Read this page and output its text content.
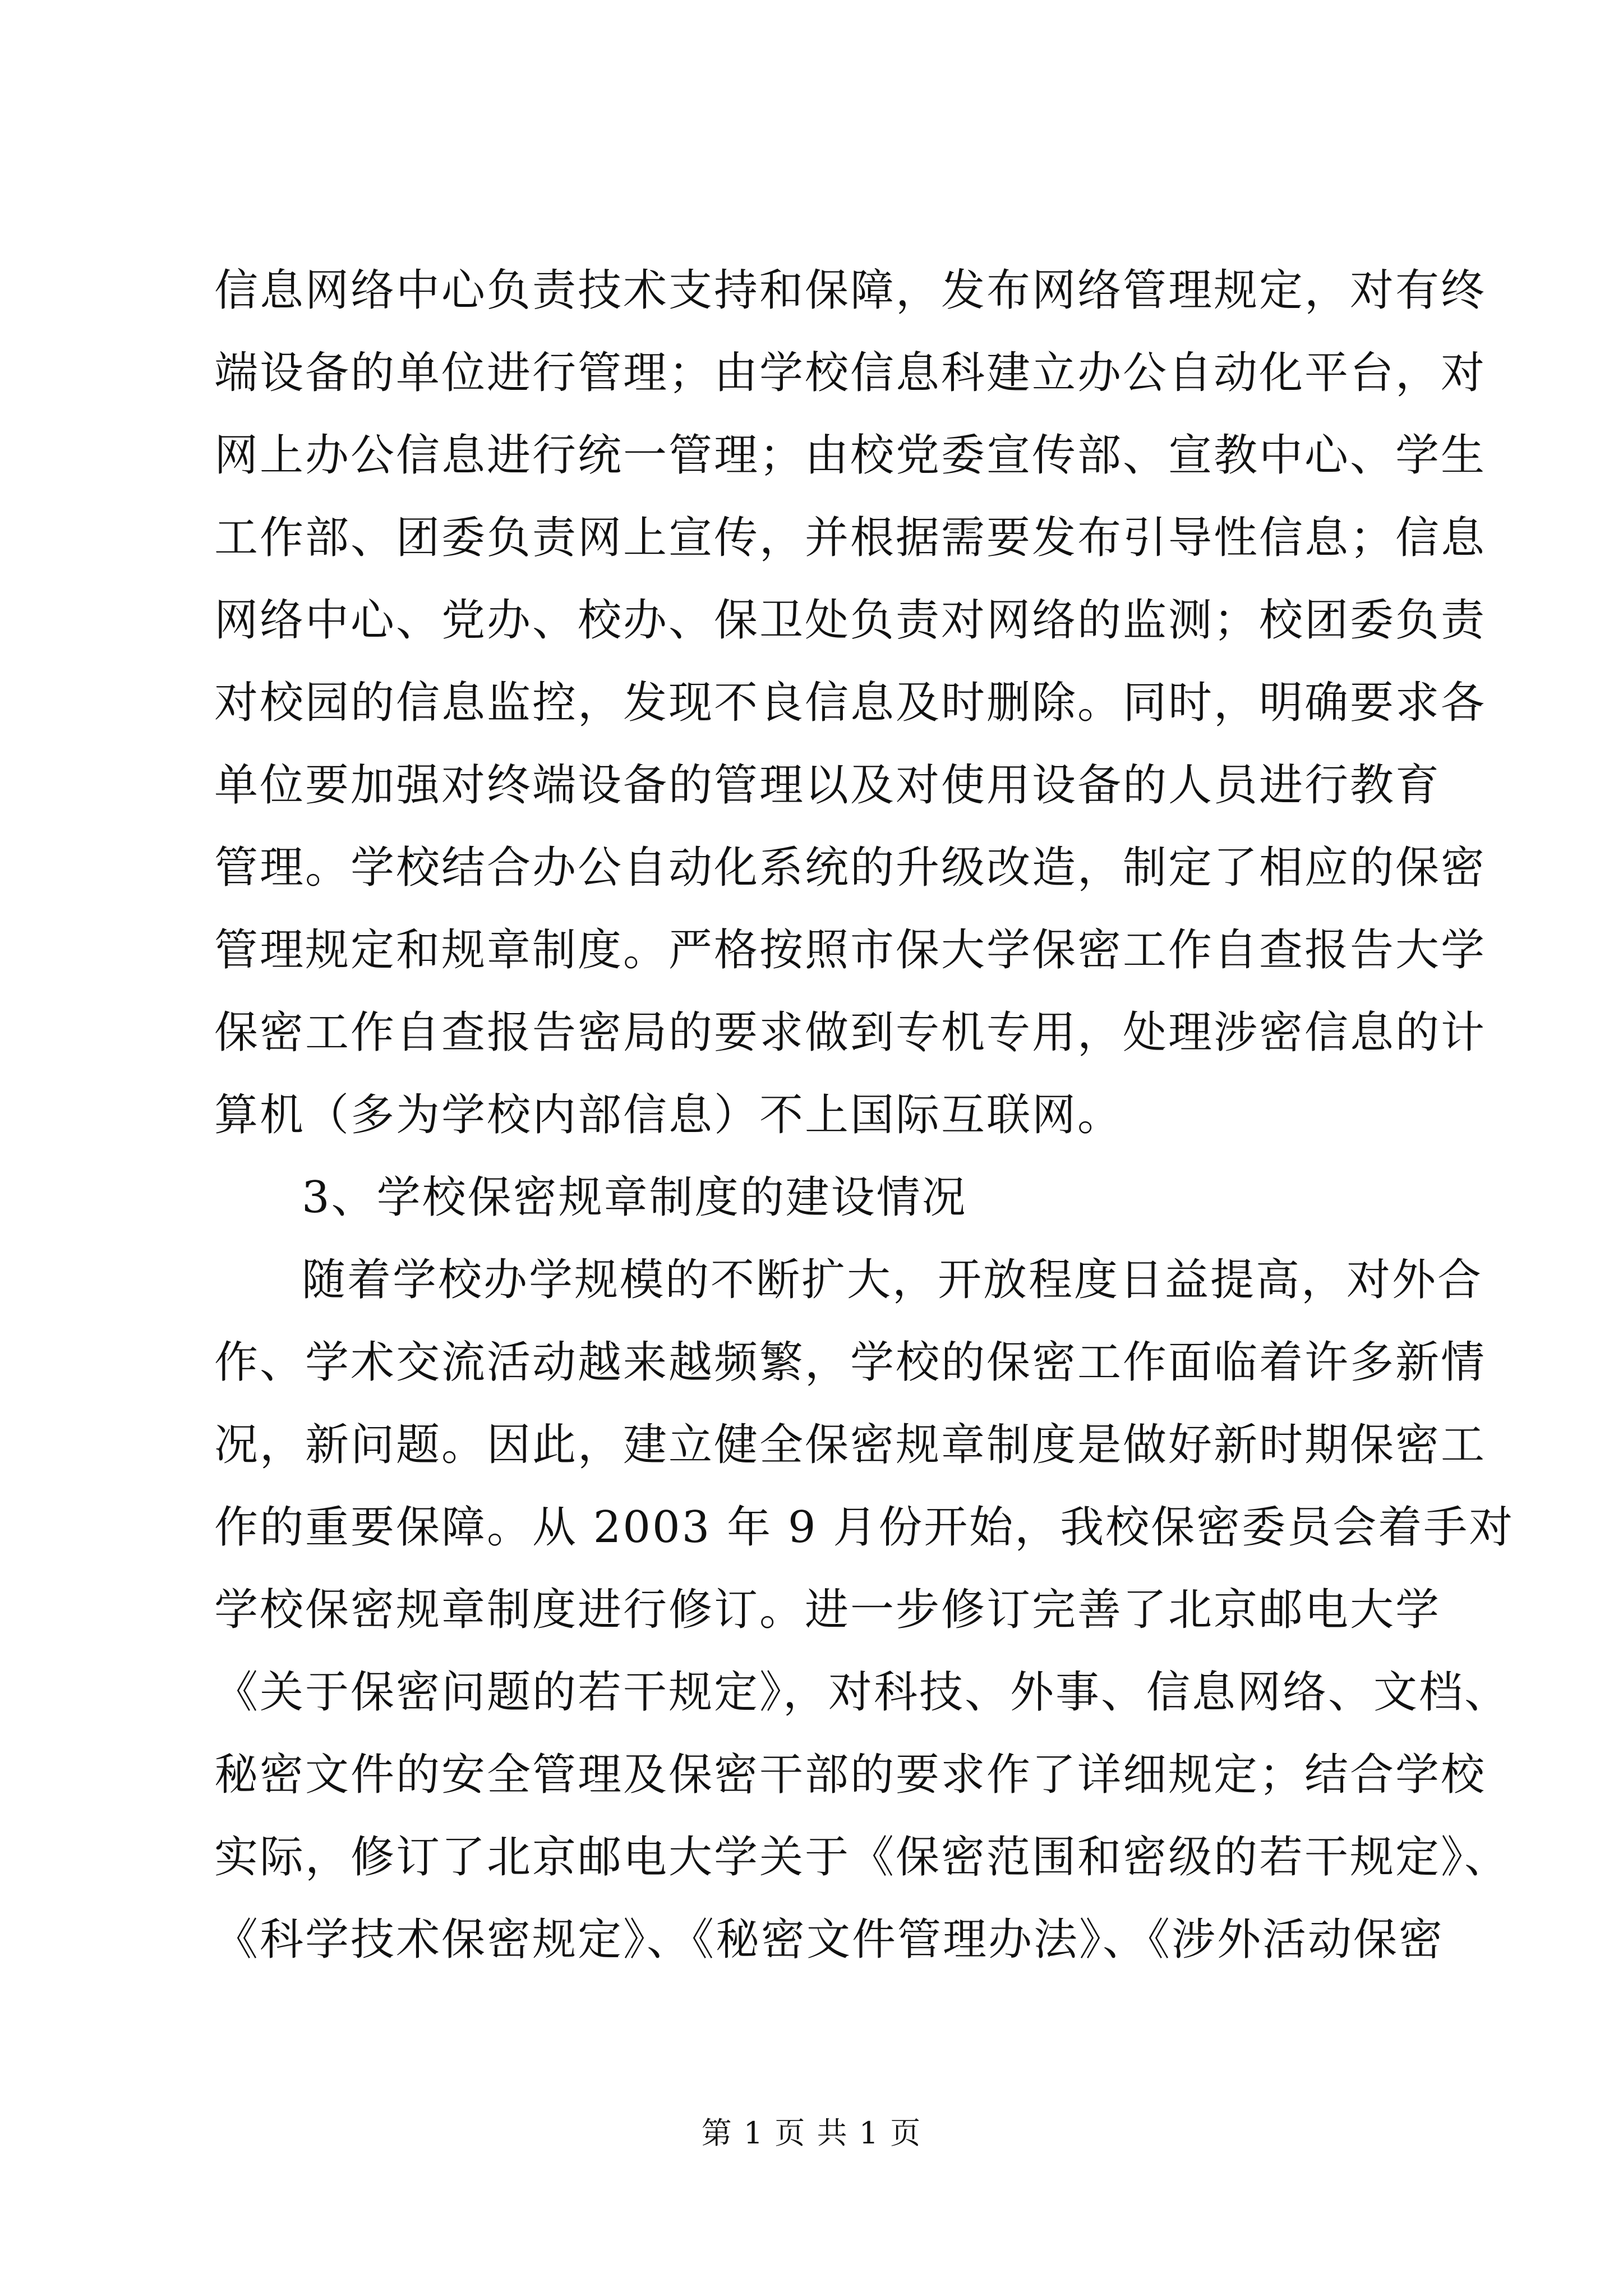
信息网络中心负责技术支持和保障，发布网络管理规定，对有终
端设备的单位进行管理；由学校信息科建立办公自动化平台，对
网上办公信息进行统一管理；由校党委宣传部、宣教中心、学生
工作部、团委负责网上宣传，并根据需要发布引导性信息；信息
网络中心、党办、校办、保卫处负责对网络的监测；校团委负责
对校园的信息监控，发现不良信息及时删除。同时，明确要求各
单位要加强对终端设备的管理以及对使用设备的人员进行教育
管理。学校结合办公自动化系统的升级改造，制定了相应的保密
管理规定和规章制度。严格按照市保大学保密工作自查报告大学
保密工作自查报告密局的要求做到专机专用，处理涉密信息的计
算机（多为学校内部信息）不上国际互联网。
3、学校保密规章制度的建设情况
随着学校办学规模的不断扩大，开放程度日益提高，对外合
作、学术交流活动越来越频繁，学校的保密工作面临着许多新情
况，新问题。因此，建立健全保密规章制度是做好新时期保密工
作的重要保障。从 2003 年 9 月份开始，我校保密委员会着手对
学校保密规章制度进行修订。进一步修订完善了北京邮电大学
《关于保密问题的若干规定》，对科技、外事、信息网络、文档、
秘密文件的安全管理及保密干部的要求作了详细规定；结合学校
实际，修订了北京邮电大学关于《保密范围和密级的若干规定》、
《科学技术保密规定》、《秘密文件管理办法》、《涉外活动保密
第 1 页 共 1 页
